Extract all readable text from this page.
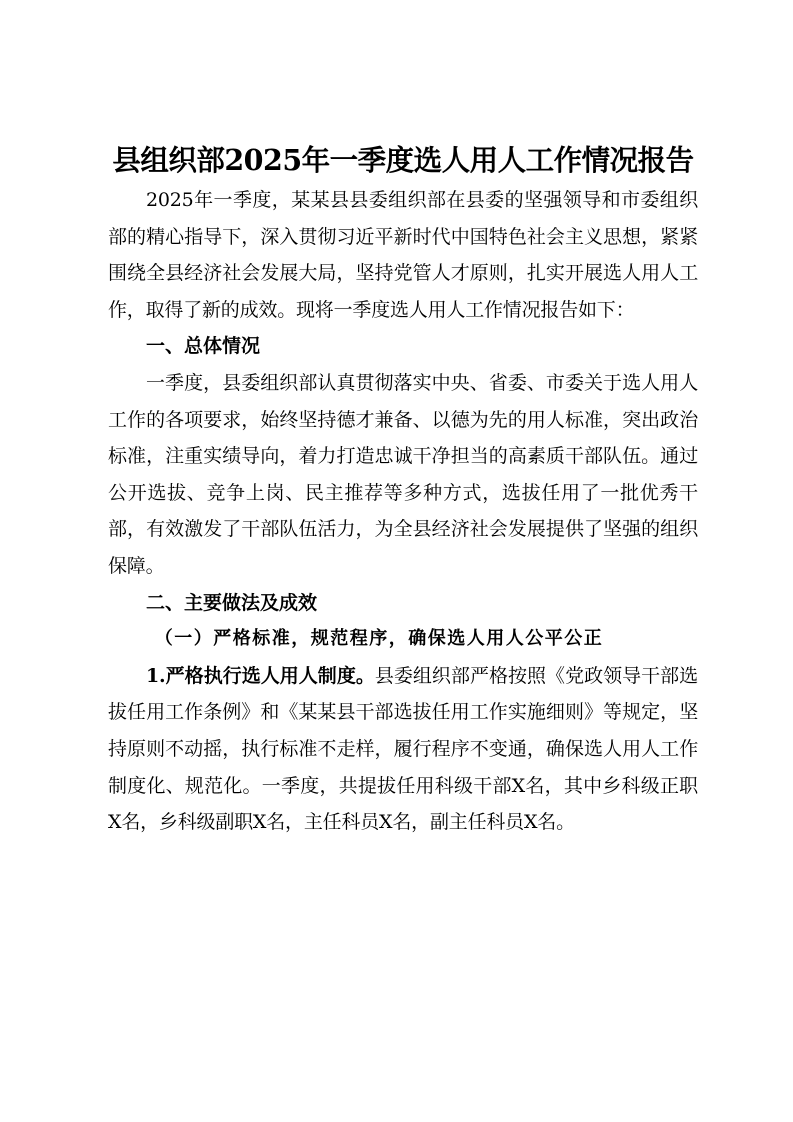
县组织部2025年一季度选人用人工作情况报告

2025年一季度，某某县县委组织部在县委的坚强领导和市委组织部的精心指导下，深入贯彻习近平新时代中国特色社会主义思想，紧紧围绕全县经济社会发展大局，坚持党管人才原则，扎实开展选人用人工作，取得了新的成效。现将一季度选人用人工作情况报告如下：

一、总体情况

一季度，县委组织部认真贯彻落实中央、省委、市委关于选人用人工作的各项要求，始终坚持德才兼备、以德为先的用人标准，突出政治标准，注重实绩导向，着力打造忠诚干净担当的高素质干部队伍。通过公开选拔、竞争上岗、民主推荐等多种方式，选拔任用了一批优秀干部，有效激发了干部队伍活力，为全县经济社会发展提供了坚强的组织保障。

二、主要做法及成效
（一）严格标准，规范程序，确保选人用人公平公正

1.严格执行选人用人制度。县委组织部严格按照《党政领导干部选拔任用工作条例》和《某某县干部选拔任用工作实施细则》等规定，坚持原则不动摇，执行标准不走样，履行程序不变通，确保选人用人工作制度化、规范化。一季度，共提拔任用科级干部X名，其中乡科级正职X名，乡科级副职X名，主任科员X名，副主任科员X名。
